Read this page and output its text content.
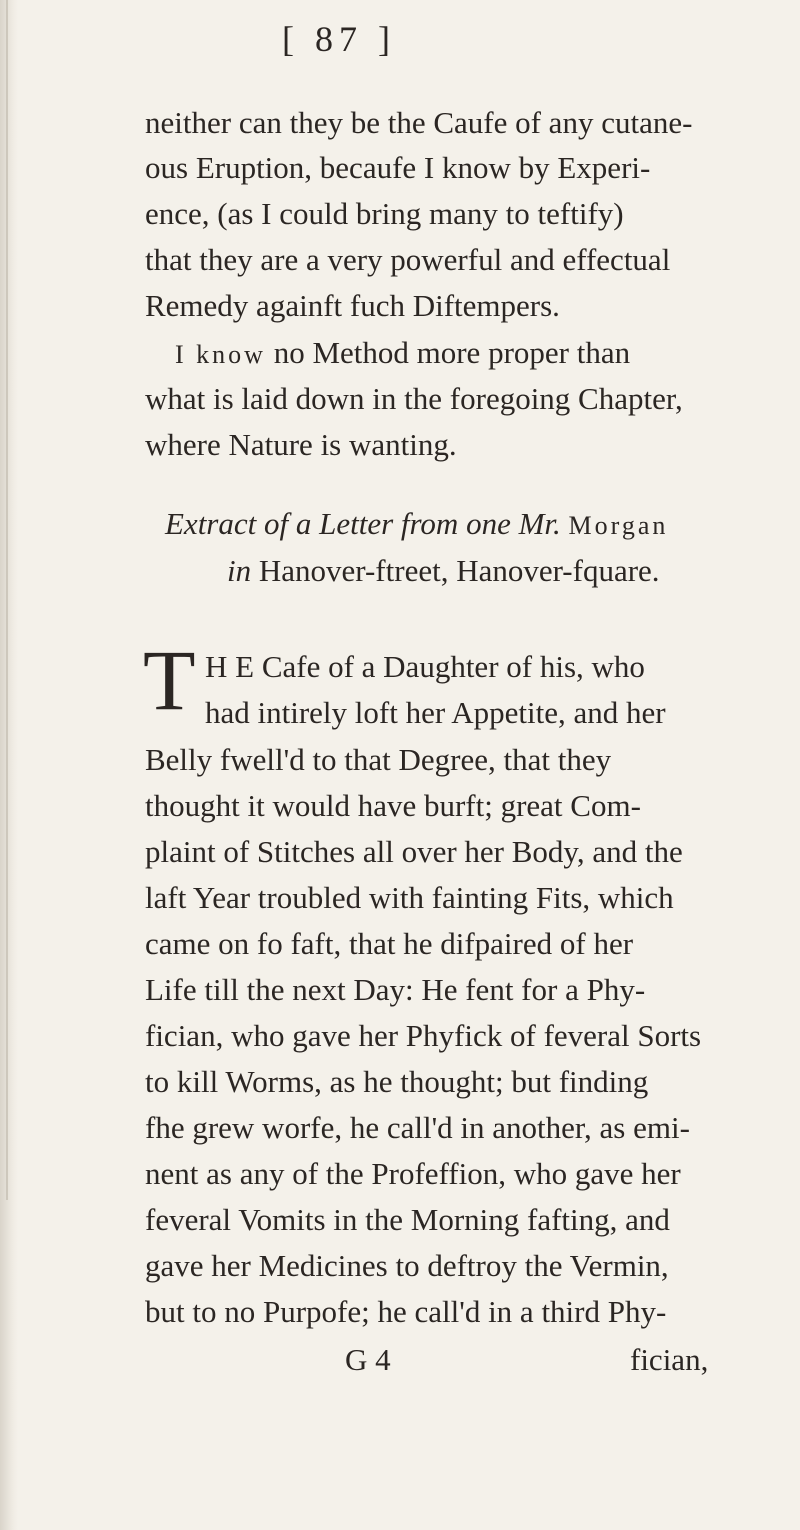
[ 87 ]
neither can they be the Caufe of any cutane-
ous Eruption, becaufe I know by Experi-
ence, (as I could bring many to teftify)
that they are a very powerful and effectual
Remedy againft fuch Diftempers.
I know no Method more proper than
what is laid down in the foregoing Chapter,
where Nature is wanting.
Extract of a Letter from one Mr. Morgan
in Hanover-ftreet, Hanover-fquare.
T H E Cafe of a Daughter of his, who
had intirely loft her Appetite, and her
Belly fwell'd to that Degree, that they
thought it would have burft; great Com-
plaint of Stitches all over her Body, and the
laft Year troubled with fainting Fits, which
came on fo faft, that he difpaired of her
Life till the next Day: He fent for a Phy-
fician, who gave her Phyfick of feveral Sorts
to kill Worms, as he thought; but finding
fhe grew worfe, he call'd in another, as emi-
nent as any of the Profeffion, who gave her
feveral Vomits in the Morning fafting, and
gave her Medicines to deftroy the Vermin,
but to no Purpofe; he call'd in a third Phy-
G 4	fician,
